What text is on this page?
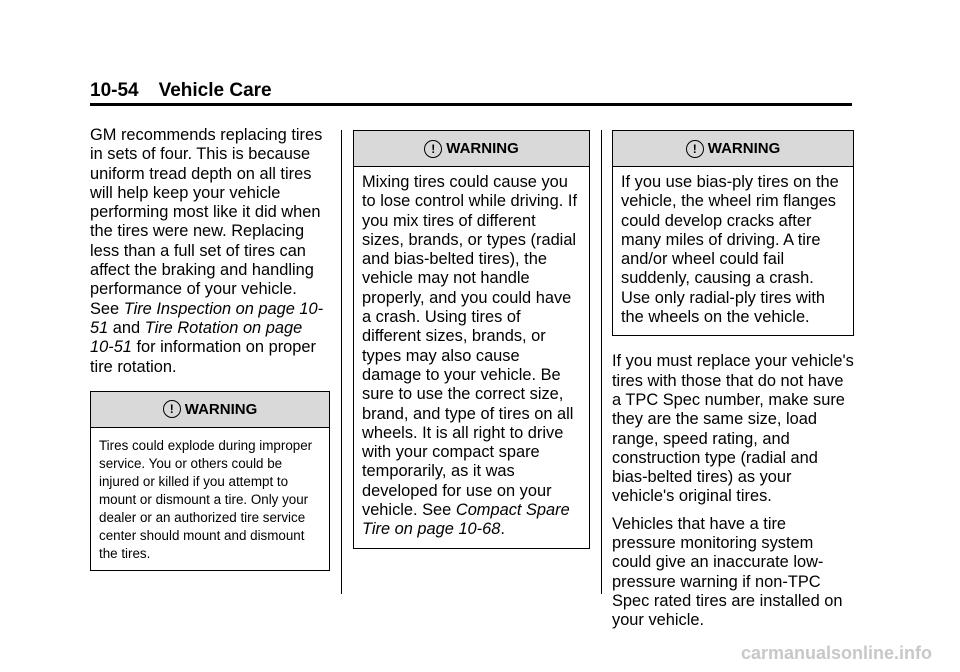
10-54 Vehicle Care

GM recommends replacing tires in sets of four. This is because uniform tread depth on all tires will help keep your vehicle performing most like it did when the tires were new. Replacing less than a full set of tires can affect the braking and handling performance of your vehicle. See Tire Inspection on page 10-51 and Tire Rotation on page 10-51 for information on proper tire rotation.

! WARNING
Tires could explode during improper service. You or others could be injured or killed if you attempt to mount or dismount a tire. Only your dealer or an authorized tire service center should mount and dismount the tires.
! WARNING
Mixing tires could cause you to lose control while driving. If you mix tires of different sizes, brands, or types (radial and bias-belted tires), the vehicle may not handle properly, and you could have a crash. Using tires of different sizes, brands, or types may also cause damage to your vehicle. Be sure to use the correct size, brand, and type of tires on all wheels. It is all right to drive with your compact spare temporarily, as it was developed for use on your vehicle. See Compact Spare Tire on page 10-68.
! WARNING
If you use bias-ply tires on the vehicle, the wheel rim flanges could develop cracks after many miles of driving. A tire and/or wheel could fail suddenly, causing a crash. Use only radial-ply tires with the wheels on the vehicle.

If you must replace your vehicle's tires with those that do not have a TPC Spec number, make sure they are the same size, load range, speed rating, and construction type (radial and bias-belted tires) as your vehicle's original tires.

Vehicles that have a tire pressure monitoring system could give an inaccurate low-pressure warning if non-TPC Spec rated tires are installed on your vehicle.

carmanualsonline.info
